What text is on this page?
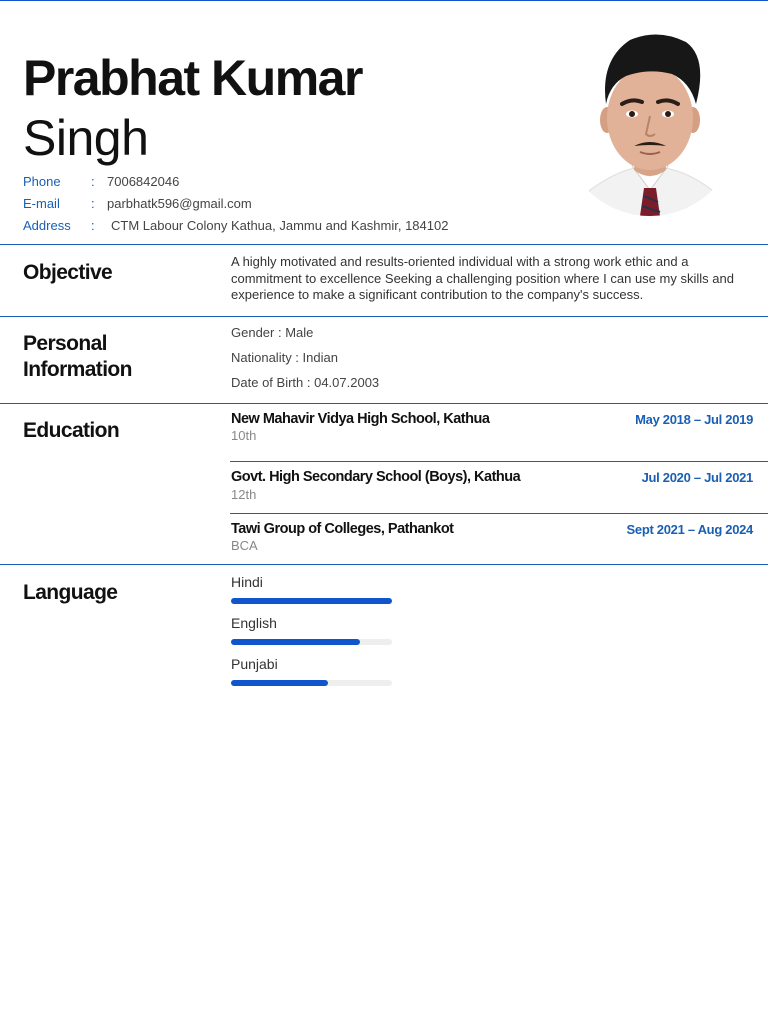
Prabhat Kumar
Singh
Phone	: 7006842046
E-mail	: parbhatk596@gmail.com
Address	:	CTM Labour Colony Kathua, Jammu and Kashmir, 184102
Objective	A highly motivated and results-oriented individual with a strong work ethic and a commitment to excellence Seeking a challenging position where I can use my skills and experience to make a significant contribution to the company's success.
Personal
Information
Gender : Male
Nationality : Indian
Date of Birth : 04.07.2003
Education	New Mahavir Vidya High School, Kathua	May 2018 – Jul 2019
10th
Govt. High Secondary School (Boys), Kathua	Jul 2020 – Jul 2021
12th
Tawi Group of Colleges, Pathankot	Sept 2021 – Aug 2024
BCA
Language	Hindi
English
Punjabi
